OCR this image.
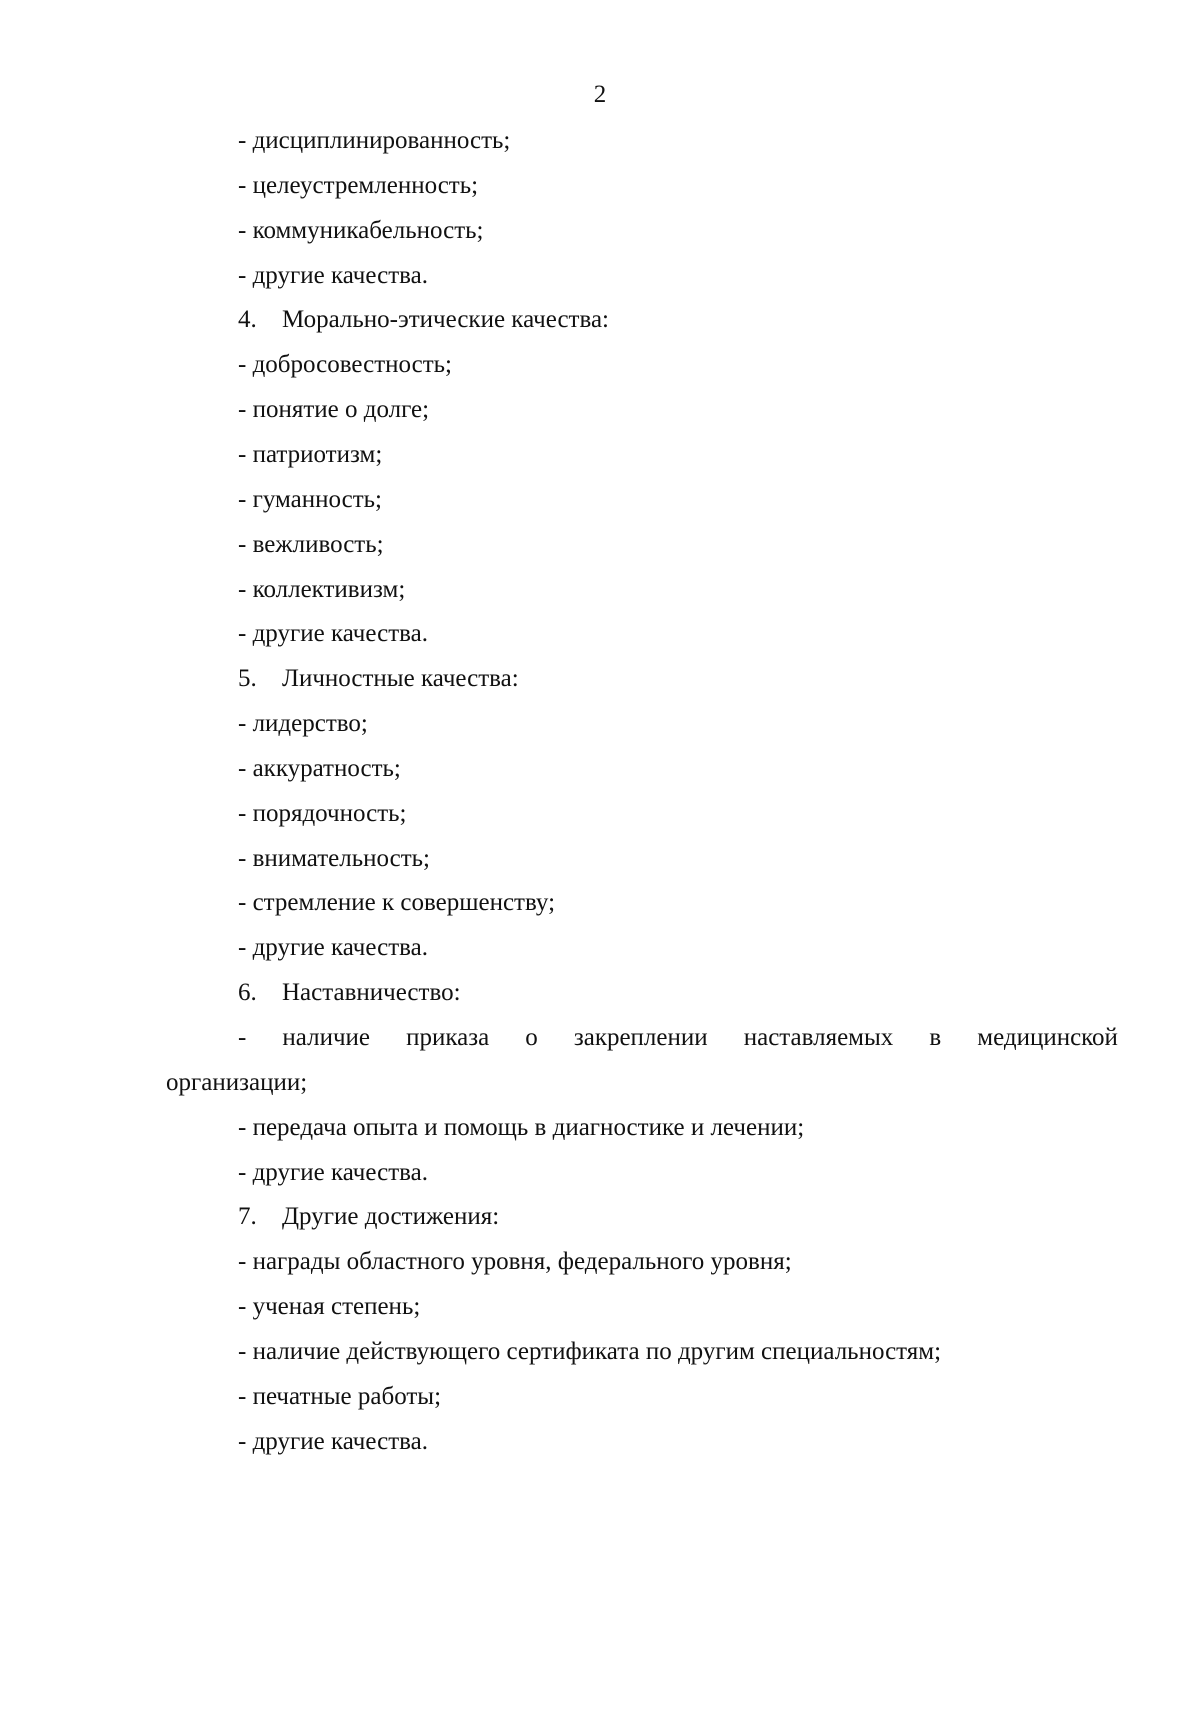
2
- дисциплинированность;
- целеустремленность;
- коммуникабельность;
- другие качества.
4. Морально-этические качества:
- добросовестность;
- понятие о долге;
- патриотизм;
- гуманность;
- вежливость;
- коллективизм;
- другие качества.
5. Личностные качества:
- лидерство;
- аккуратность;
- порядочность;
- внимательность;
- стремление к совершенству;
- другие качества.
6. Наставничество:
- наличие приказа о закреплении наставляемых в медицинской
организации;
- передача опыта и помощь в диагностике и лечении;
- другие качества.
7. Другие достижения:
- награды областного уровня, федерального уровня;
- ученая степень;
- наличие действующего сертификата по другим специальностям;
- печатные работы;
- другие качества.
